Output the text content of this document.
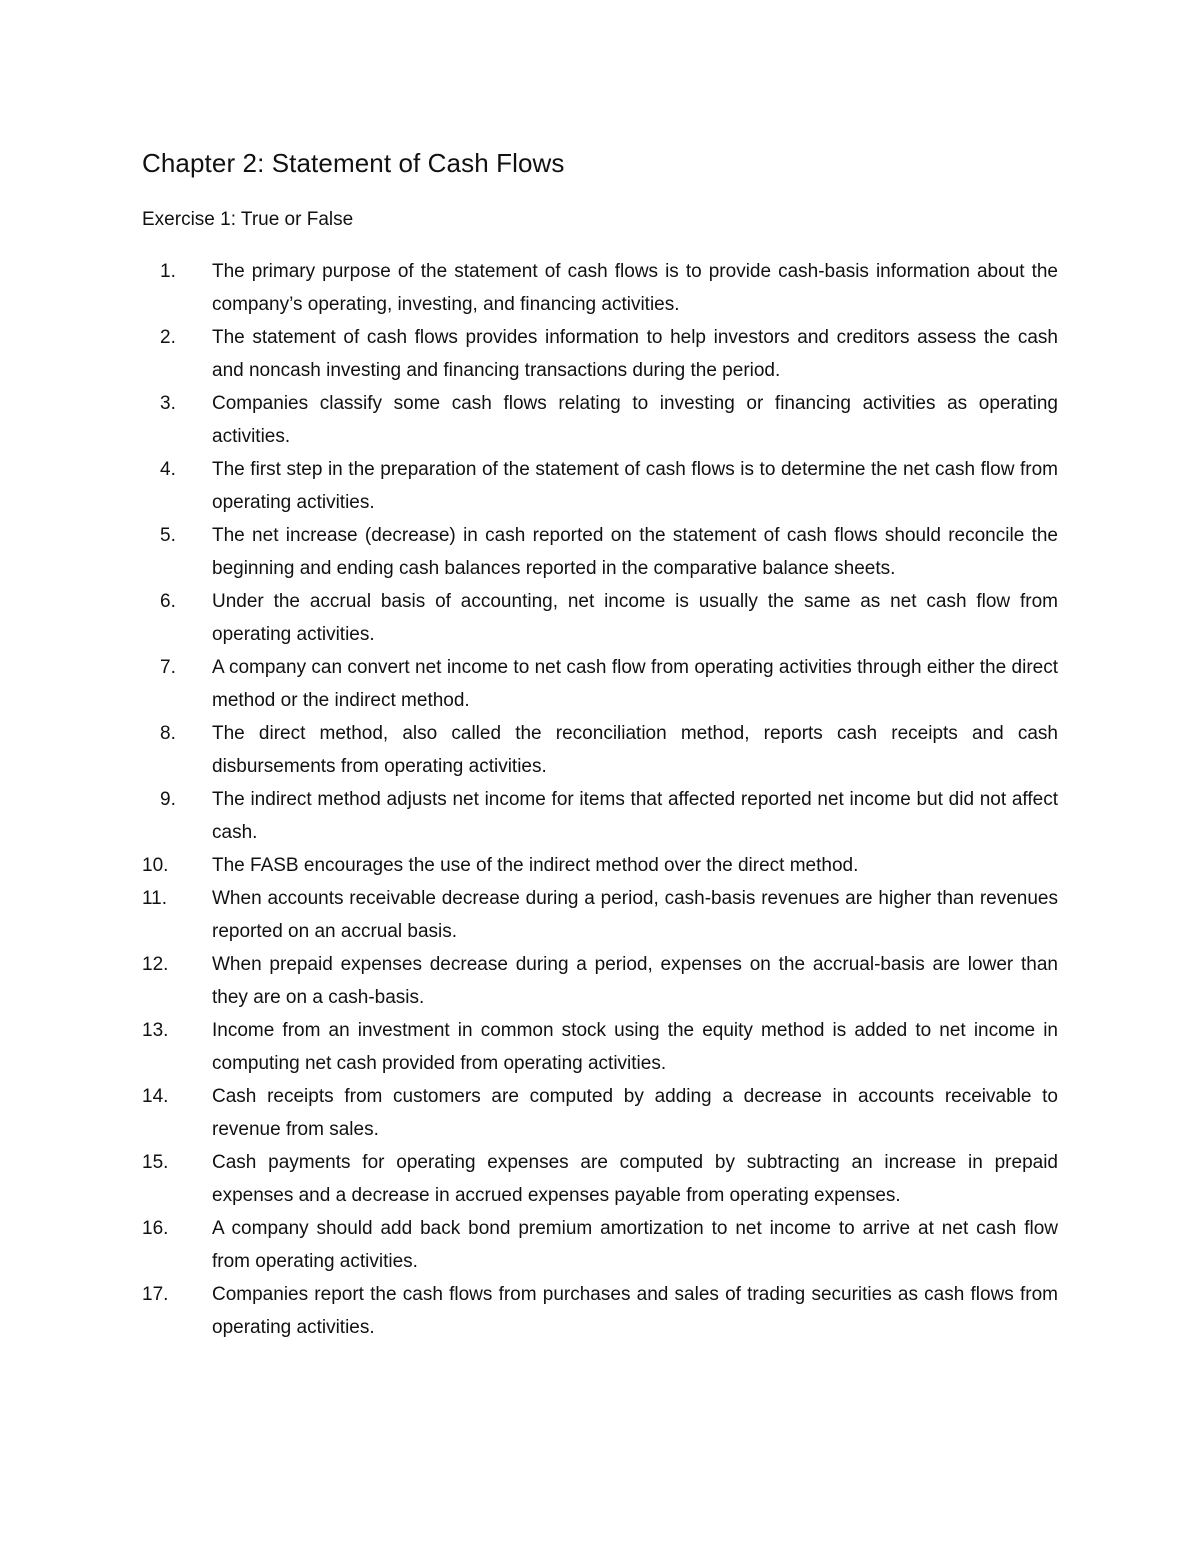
Chapter 2: Statement of Cash Flows
Exercise 1: True or False
1.	The primary purpose of the statement of cash flows is to provide cash-basis information about the company’s operating, investing, and financing activities.
2.	The statement of cash flows provides information to help investors and creditors assess the cash and noncash investing and financing transactions during the period.
3.	Companies classify some cash flows relating to investing or financing activities as operating activities.
4.	The first step in the preparation of the statement of cash flows is to determine the net cash flow from operating activities.
5.	The net increase (decrease) in cash reported on the statement of cash flows should reconcile the beginning and ending cash balances reported in the comparative balance sheets.
6.	Under the accrual basis of accounting, net income is usually the same as net cash flow from operating activities.
7.	A company can convert net income to net cash flow from operating activities through either the direct method or the indirect method.
8.	The direct method, also called the reconciliation method, reports cash receipts and cash disbursements from operating activities.
9.	The indirect method adjusts net income for items that affected reported net income but did not affect cash.
10.	The FASB encourages the use of the indirect method over the direct method.
11.	When accounts receivable decrease during a period, cash-basis revenues are higher than revenues reported on an accrual basis.
12.	When prepaid expenses decrease during a period, expenses on the accrual-basis are lower than they are on a cash-basis.
13.	Income from an investment in common stock using the equity method is added to net income in computing net cash provided from operating activities.
14.	Cash receipts from customers are computed by adding a decrease in accounts receivable to revenue from sales.
15.	Cash payments for operating expenses are computed by subtracting an increase in prepaid expenses and a decrease in accrued expenses payable from operating expenses.
16.	A company should add back bond premium amortization to net income to arrive at net cash flow from operating activities.
17.	Companies report the cash flows from purchases and sales of trading securities as cash flows from operating activities.
